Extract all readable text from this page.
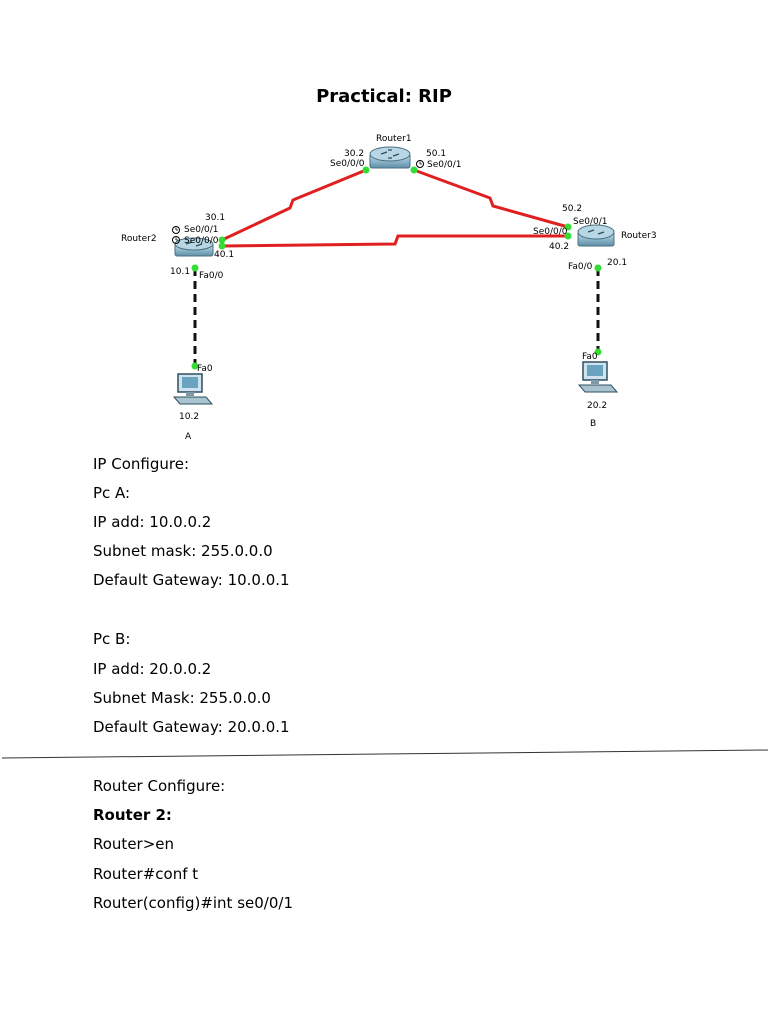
Practical: RIP
Router1
30.2
Se0/0/0
50.1
Se0/0/1
30.1
Se0/0/1
Router2	Se0/0/0
40.1
10.1 Fa0/0
50.2
Se0/0/1
Se0/0/0	Router3
40.2
Fa0/0 20.1
Fa0
10.2
A
Fa0
20.2
B
IP Configure:
Pc A:
IP add: 10.0.0.2
Subnet mask: 255.0.0.0
Default Gateway: 10.0.0.1
Pc B:
IP add: 20.0.0.2
Subnet Mask: 255.0.0.0
Default Gateway: 20.0.0.1
Router Configure:
Router 2:
Router>en
Router#conf t
Router(config)#int se0/0/1
